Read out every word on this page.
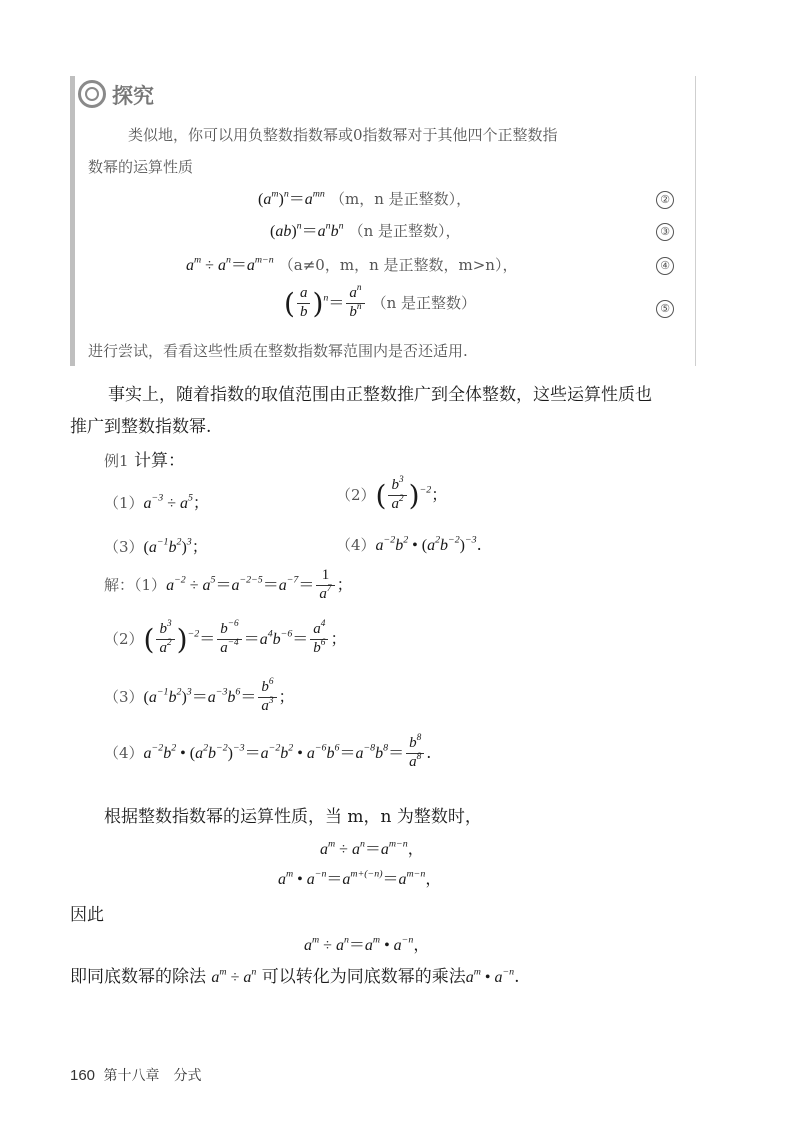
探究
类似地，你可以用负整数指数幂或0指数幂对于其他四个正整数指
数幂的运算性质
$(a^m)^n=a^{mn}$ （m，n 是正整数），	②
$(ab)^n=a^nb^n$ （n 是正整数），	③
$a^m \div a^n=a^{m-n}$ （a≠0，m，n 是正整数，m>n），	④
( $\frac{a}{b} )^n= \frac{a^n}{b^n} (n$ 是正整数）	⑤
进行尝试，看看这些性质在整数指数幂范围内是否还适用.
事实上，随着指数的取值范围由正整数推广到全体整数，这些运算性质也
推广到整数指数幂.
例1 计算：
$(1)a^{-3} \div a^5$；	$(2)( \frac{b^3}{a^2} )^{-2}$；
$(3)(a^{-1}b^2)^3$；	$(4)a^{-2}b^2$ • $(a^2b^{-2})^{-3}$.
解：$(1)a^{-2} \div a^5=a^{-2-5}=a^{-7}= \frac{1}{a^7}$ ；
$(2)( \frac{b^3}{a^2} )^{-2}= \frac{b^{-6}}{a^{-4}} =a^4b^{-6}= \frac{a^4}{b^6}$ ；
$(3)(a^{-1}b^2)^3=a^{-3}b^6= \frac{b^6}{a^3}$ ；
$(4)a^{-2}b^2$ • $(a^2b^{-2})^{-3}=a^{-2}b^2$ • $a^{-6}b^6=a^{-8}b^8= \frac{b^8}{a^8}$ .
根据整数指数幂的运算性质，当 m，n 为整数时，
$a^m \div a^n=a^{m-n}$，
$a^m$ • $a^{-n}=a^{m+(-n)}=a^{m-n}$，
因此
$a^m \div a^n=a^m$ • $a^{-n}$，
即同底数幂的除法 $a^m \div a^n$ 可以转化为同底数幂的乘法$a^m$ • $a^{-n}$.
160 第十八章　分式
